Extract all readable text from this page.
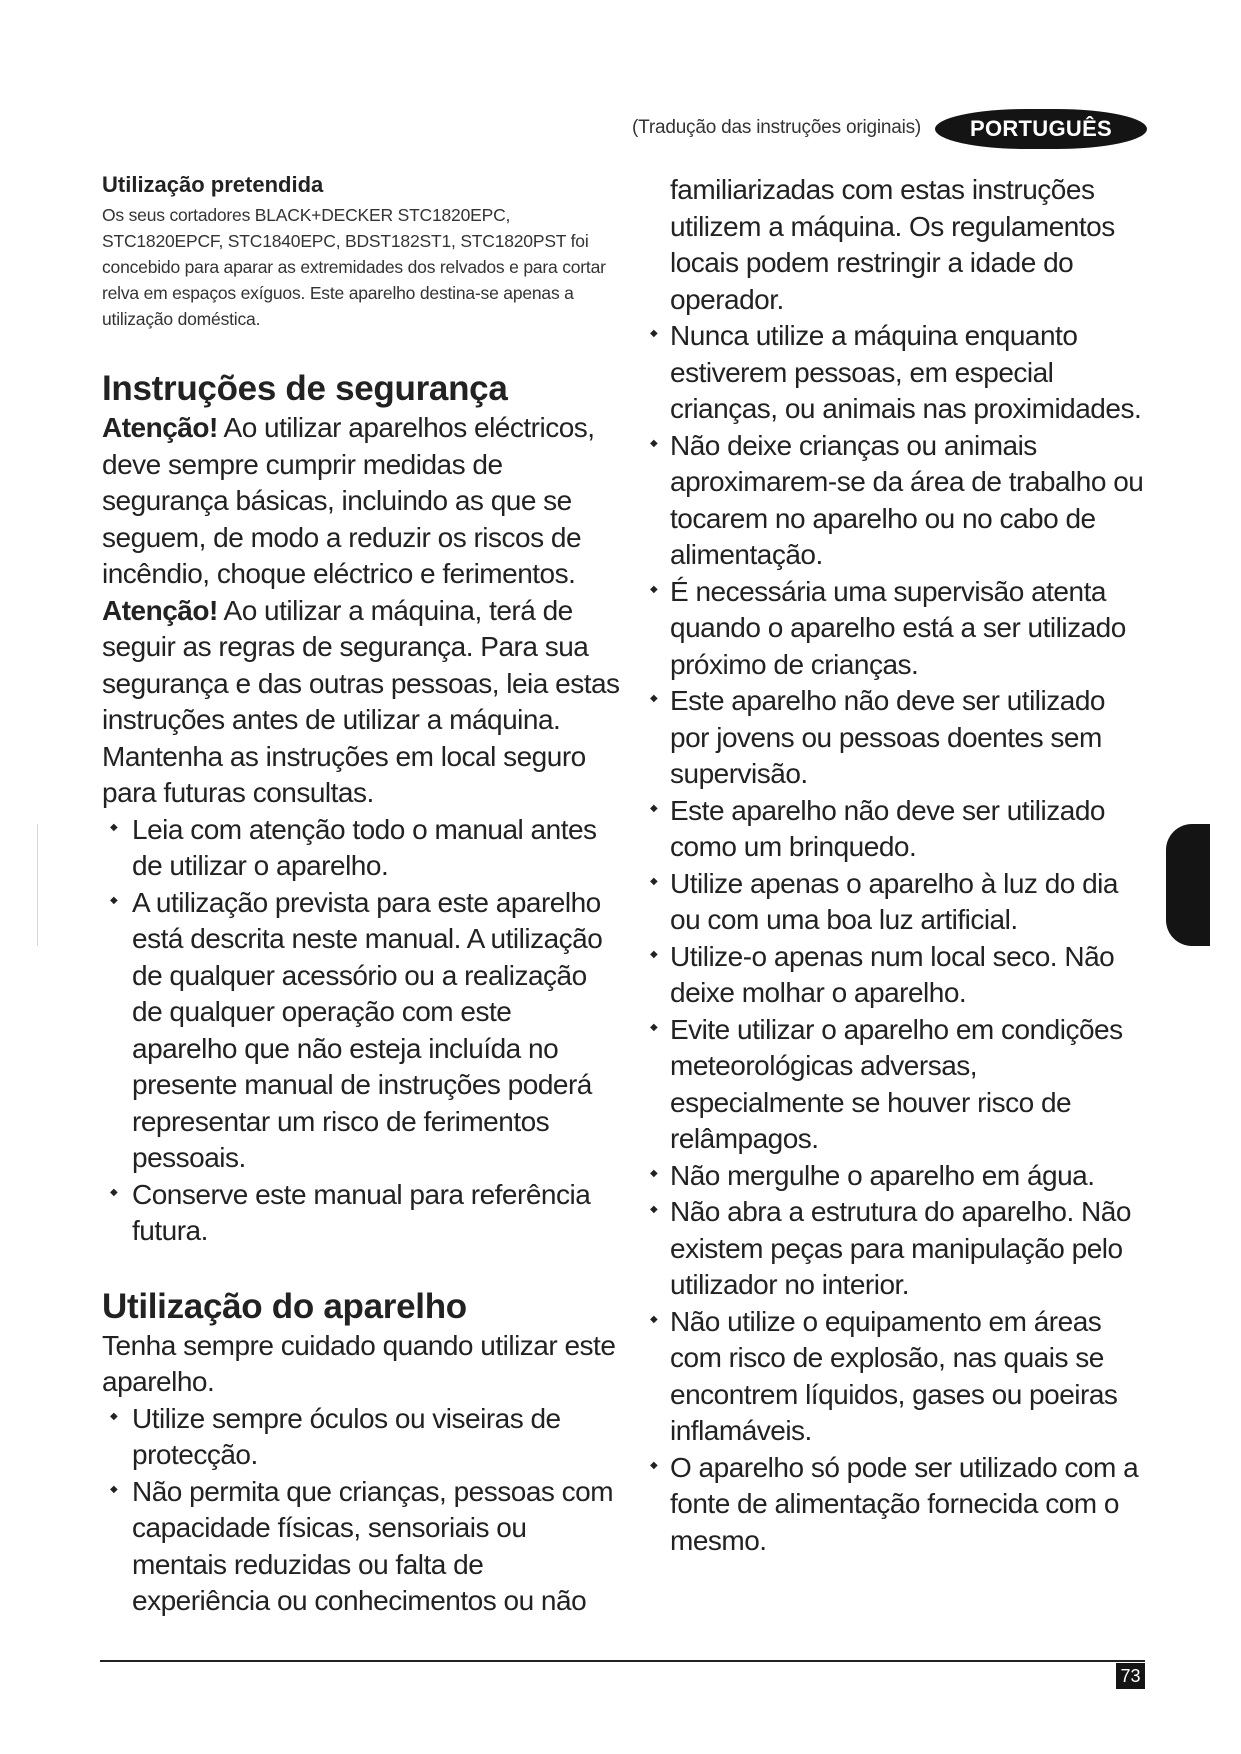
(Tradução das instruções originais)	PORTUGUÊS

Utilização pretendida

Os seus cortadores BLACK+DECKER STC1820EPC, STC1820EPCF, STC1840EPC, BDST182ST1, STC1820PST foi concebido para aparar as extremidades dos relvados e para cortar relva em espaços exíguos. Este aparelho destina-se apenas a utilização doméstica.

Instruções de segurança

Atenção! Ao utilizar aparelhos eléctricos, deve sempre cumprir medidas de segurança básicas, incluindo as que se seguem, de modo a reduzir os riscos de incêndio, choque eléctrico e ferimentos.

Atenção! Ao utilizar a máquina, terá de seguir as regras de segurança. Para sua segurança e das outras pessoas, leia estas instruções antes de utilizar a máquina. Mantenha as instruções em local seguro para futuras consultas.

◆ Leia com atenção todo o manual antes de utilizar o aparelho.
◆ A utilização prevista para este aparelho está descrita neste manual. A utilização de qualquer acessório ou a realização de qualquer operação com este aparelho que não esteja incluída no presente manual de instruções poderá representar um risco de ferimentos pessoais.
◆ Conserve este manual para referência futura.
Utilização do aparelho

Tenha sempre cuidado quando utilizar este aparelho.

◆ Utilize sempre óculos ou viseiras de protecção.
◆ Não permita que crianças, pessoas com capacidade físicas, sensoriais ou mentais reduzidas ou falta de experiência ou conhecimentos ou não

familiarizadas com estas instruções utilizem a máquina. Os regulamentos locais podem restringir a idade do operador.

◆ Nunca utilize a máquina enquanto estiverem pessoas, em especial crianças, ou animais nas proximidades.
◆ Não deixe crianças ou animais aproximarem-se da área de trabalho ou tocarem no aparelho ou no cabo de alimentação.
◆ É necessária uma supervisão atenta quando o aparelho está a ser utilizado próximo de crianças.
◆ Este aparelho não deve ser utilizado por jovens ou pessoas doentes sem supervisão.
◆ Este aparelho não deve ser utilizado como um brinquedo.
◆ Utilize apenas o aparelho à luz do dia ou com uma boa luz artificial.
◆ Utilize-o apenas num local seco. Não deixe molhar o aparelho.
◆ Evite utilizar o aparelho em condições meteorológicas adversas, especialmente se houver risco de relâmpagos.
◆ Não mergulhe o aparelho em água.
◆ Não abra a estrutura do aparelho. Não existem peças para manipulação pelo utilizador no interior.
◆ Não utilize o equipamento em áreas com risco de explosão, nas quais se encontrem líquidos, gases ou poeiras inflamáveis.
◆ O aparelho só pode ser utilizado com a fonte de alimentação fornecida com o mesmo.
73
